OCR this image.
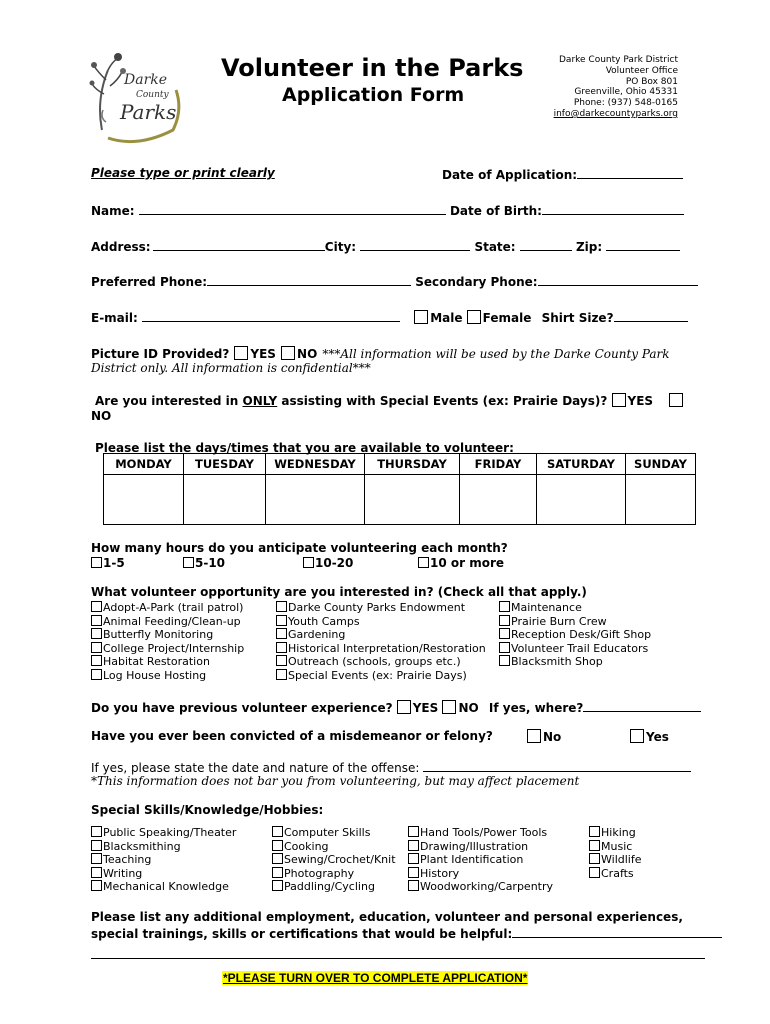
Darke
County
Parks
Volunteer in the Parks
Application Form
Darke County Park District
Volunteer Office
PO Box 801
Greenville, Ohio 45331
Phone: (937) 548-0165
info@darkecountyparks.org
Please type or print clearly	Date of Application:
Name:	Date of Birth:
Address:	City:	State:	Zip:
Preferred Phone:	Secondary Phone:
E-mail:	Male Female Shirt Size?
Picture ID Provided? YES NO ***All information will be used by the Darke County Park
District only. All information is confidential***
Are you interested in ONLY assisting with Special Events (ex: Prairie Days)? YES
NO
Please list the days/times that you are available to volunteer:
MONDAY	TUESDAY	WEDNESDAY	THURSDAY	FRIDAY	SATURDAY	SUNDAY

How many hours do you anticipate volunteering each month?
1-5	5-10	10-20	10 or more
What volunteer opportunity are you interested in? (Check all that apply.)
Adopt-A-Park (trail patrol)
Animal Feeding/Clean-up
Butterfly Monitoring
College Project/Internship
Habitat Restoration
Log House Hosting
Darke County Parks Endowment
Youth Camps
Gardening
Historical Interpretation/Restoration
Outreach (schools, groups etc.)
Special Events (ex: Prairie Days)
Maintenance
Prairie Burn Crew
Reception Desk/Gift Shop
Volunteer Trail Educators
Blacksmith Shop
Do you have previous volunteer experience? YES NO If yes, where?
Have you ever been convicted of a misdemeanor or felony?	No	Yes
If yes, please state the date and nature of the offense:
*This information does not bar you from volunteering, but may affect placement
Special Skills/Knowledge/Hobbies:
Public Speaking/Theater
Blacksmithing
Teaching
Writing
Mechanical Knowledge
Computer Skills
Cooking
Sewing/Crochet/Knit
Photography
Paddling/Cycling
Hand Tools/Power Tools
Drawing/Illustration
Plant Identification
History
Woodworking/Carpentry
Hiking
Music
Wildlife
Crafts
Please list any additional employment, education, volunteer and personal experiences,
special trainings, skills or certifications that would be helpful:
*PLEASE TURN OVER TO COMPLETE APPLICATION*
